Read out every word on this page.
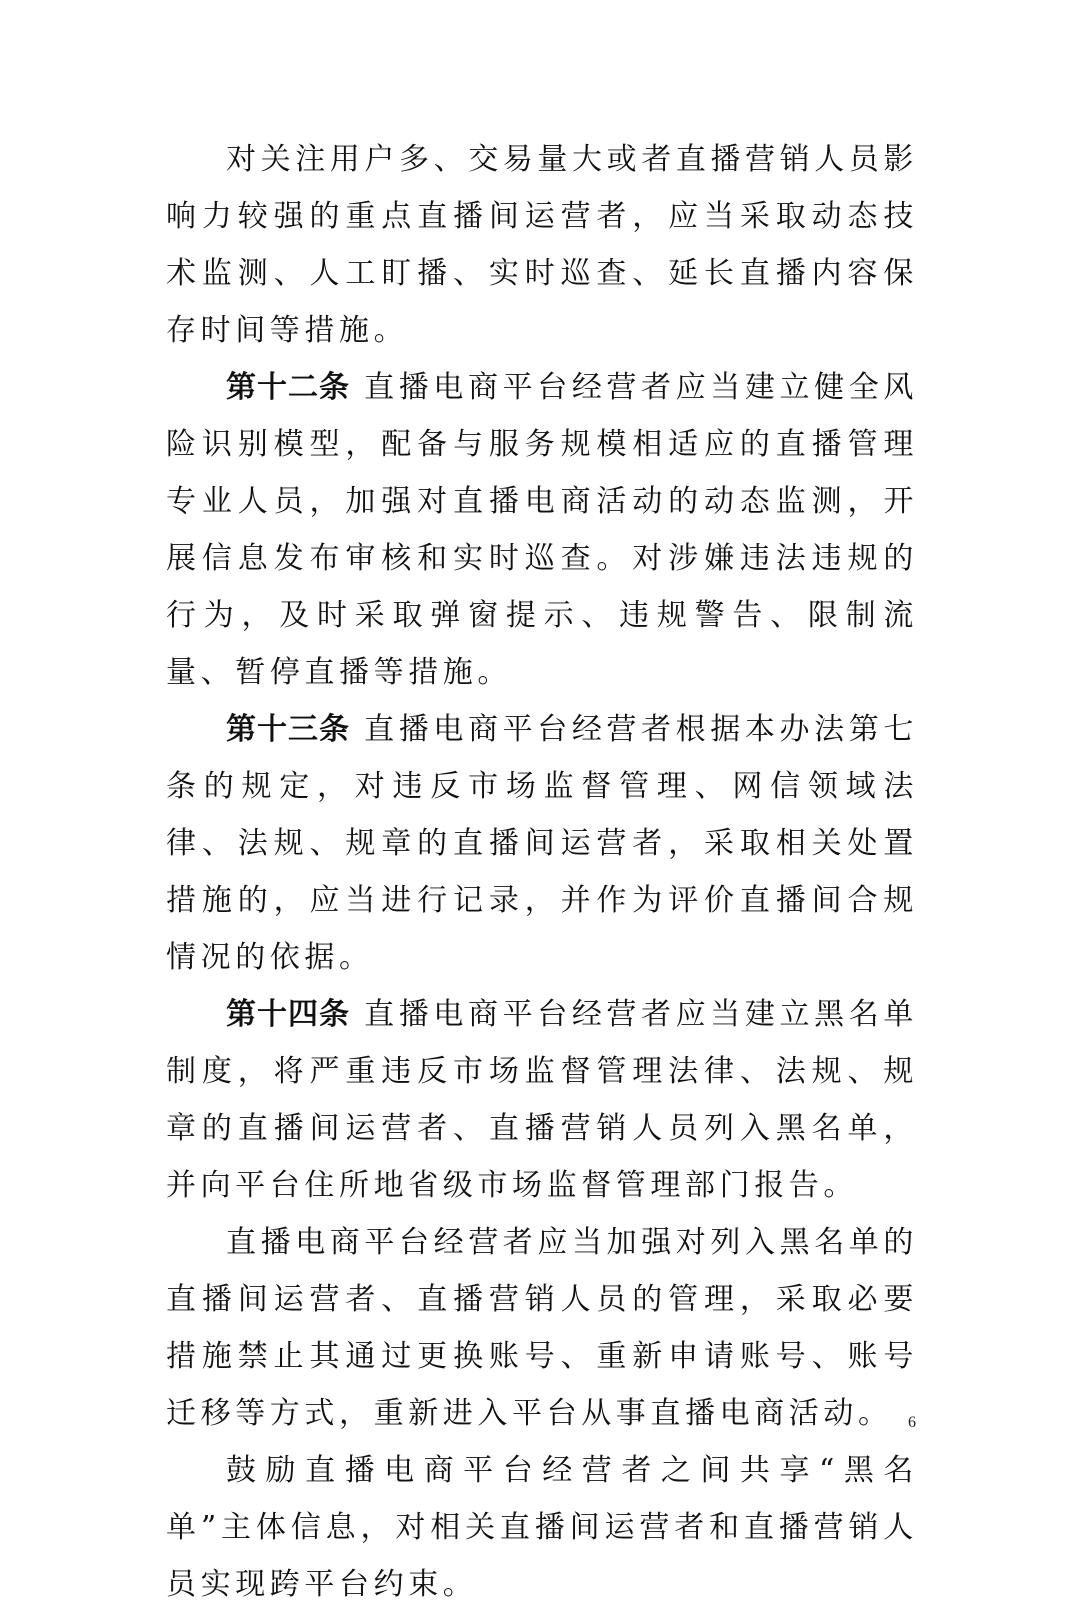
对关注用户多、交易量大或者直播营销人员影响力较强的重点直播间运营者，应当采取动态技术监测、人工盯播、实时巡查、延长直播内容保存时间等措施。

第十二条 直播电商平台经营者应当建立健全风险识别模型，配备与服务规模相适应的直播管理专业人员，加强对直播电商活动的动态监测，开展信息发布审核和实时巡查。对涉嫌违法违规的行为，及时采取弹窗提示、违规警告、限制流量、暂停直播等措施。

第十三条 直播电商平台经营者根据本办法第七条的规定，对违反市场监督管理、网信领域法律、法规、规章的直播间运营者，采取相关处置措施的，应当进行记录，并作为评价直播间合规情况的依据。

第十四条 直播电商平台经营者应当建立黑名单制度，将严重违反市场监督管理法律、法规、规章的直播间运营者、直播营销人员列入黑名单，并向平台住所地省级市场监督管理部门报告。

直播电商平台经营者应当加强对列入黑名单的直播间运营者、直播营销人员的管理，采取必要措施禁止其通过更换账号、重新申请账号、账号迁移等方式，重新进入平台从事直播电商活动。

鼓励直播电商平台经营者之间共享“黑名单”主体信息，对相关直播间运营者和直播营销人员实现跨平台约束。

6
